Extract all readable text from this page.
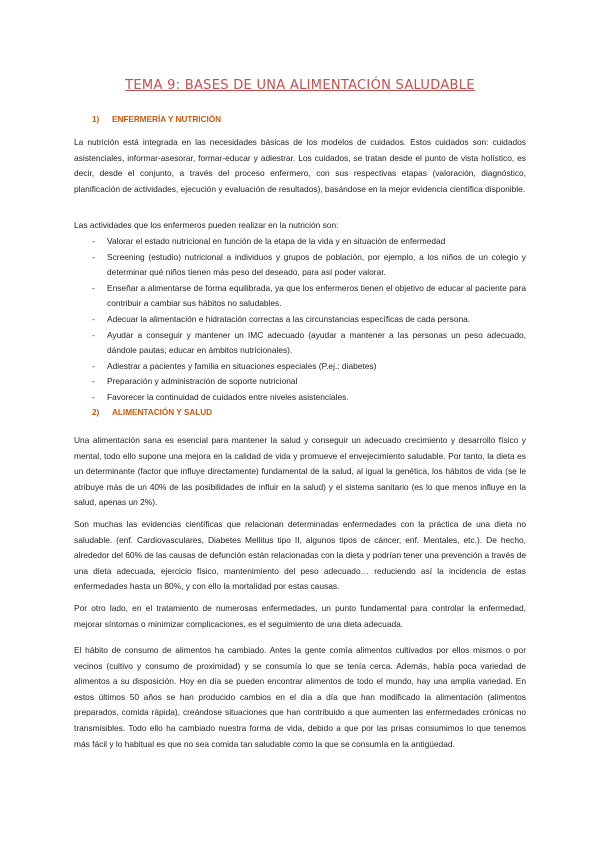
TEMA 9: BASES DE UNA ALIMENTACIÓN SALUDABLE
1) ENFERMERÍA Y NUTRICIÓN
La nutrición está integrada en las necesidades básicas de los modelos de cuidados. Estos cuidados son: cuidados asistenciales, informar-asesorar, formar-educar y adiestrar. Los cuidados, se tratan desde el punto de vista holístico, es decir, desde el conjunto, a través del proceso enfermero, con sus respectivas etapas (valoración, diagnóstico, planificación de actividades, ejecución y evaluación de resultados), basándose en la mejor evidencia científica disponible.
Las actividades que los enfermeros pueden realizar en la nutrición son:
- Valorar el estado nutricional en función de la etapa de la vida y en situación de enfermedad
- Screening (estudio) nutricional a individuos y grupos de población, por ejemplo, a los niños de un colegio y determinar qué niños tienen más peso del deseado, para así poder valorar.
- Enseñar a alimentarse de forma equilibrada, ya que los enfermeros tienen el objetivo de educar al paciente para contribuir a cambiar sus hábitos no saludables.
- Adecuar la alimentación e hidratación correctas a las circunstancias específicas de cada persona.
- Ayudar a conseguir y mantener un IMC adecuado (ayudar a mantener a las personas un peso adecuado, dándole pautas; educar en ámbitos nutricionales).
- Adiestrar a pacientes y familia en situaciones especiales (P.ej.: diabetes)
- Preparación y administración de soporte nutricional
- Favorecer la continuidad de cuidados entre niveles asistenciales.
2) ALIMENTACIÓN Y SALUD
Una alimentación sana es esencial para mantener la salud y conseguir un adecuado crecimiento y desarrollo físico y mental, todo ello supone una mejora en la calidad de vida y promueve el envejecimiento saludable. Por tanto, la dieta es un determinante (factor que influye directamente) fundamental de la salud, al igual la genética, los hábitos de vida (se le atribuye más de un 40% de las posibilidades de influir en la salud) y el sistema sanitario (es lo que menos influye en la salud, apenas un 2%).
Son muchas las evidencias científicas que relacionan determinadas enfermedades con la práctica de una dieta no saludable. (enf. Cardiovasculares, Diabetes Mellitus tipo II, algunos tipos de cáncer, enf. Mentales, etc.). De hecho, alrededor del 60% de las causas de defunción están relacionadas con la dieta y podrían tener una prevención a través de una dieta adecuada, ejercicio físico, mantenimiento del peso adecuado… reduciendo así la incidencia de estas enfermedades hasta un 80%, y con ello la mortalidad por estas causas.
Por otro lado, en el tratamiento de numerosas enfermedades, un punto fundamental para controlar la enfermedad, mejorar síntomas o minimizar complicaciones, es el seguimiento de una dieta adecuada.
El hábito de consumo de alimentos ha cambiado. Antes la gente comía alimentos cultivados por ellos mismos o por vecinos (cultivo y consumo de proximidad) y se consumía lo que se tenía cerca. Además, había poca variedad de alimentos a su disposición. Hoy en día se pueden encontrar alimentos de todo el mundo, hay una amplia variedad. En estos últimos 50 años se han producido cambios en el día a día que han modificado la alimentación (alimentos preparados, comida rápida), creándose situaciones que han contribuido a que aumenten las enfermedades crónicas no transmisibles. Todo ello ha cambiado nuestra forma de vida, debido a que por las prisas consumimos lo que tenemos más fácil y lo habitual es que no sea comida tan saludable como la que se consumía en la antigüedad.
